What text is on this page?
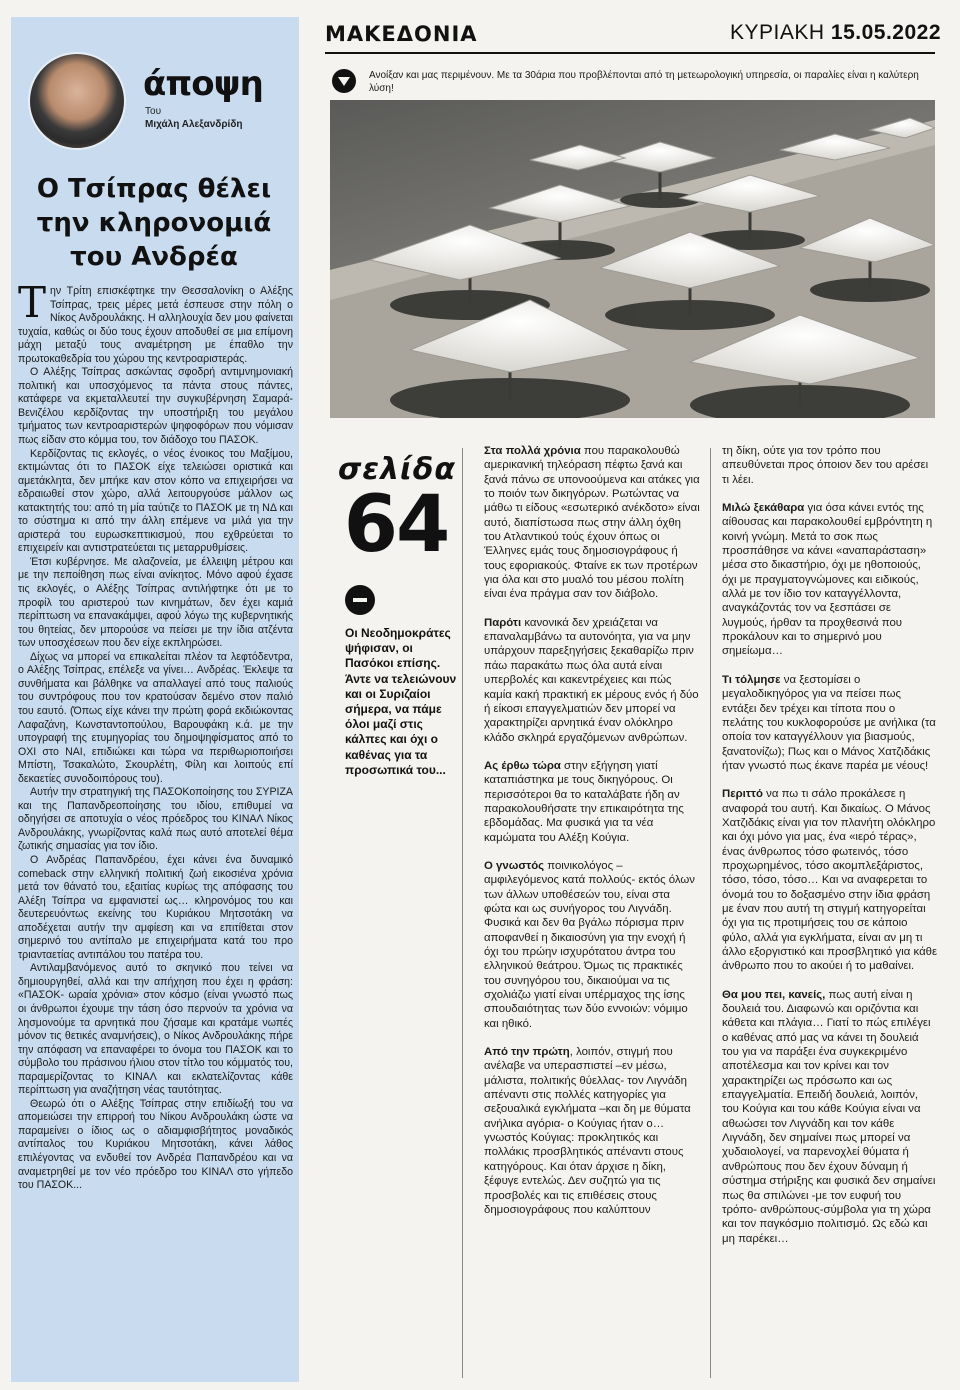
άποψη
Του
Μιχάλη Αλεξανδρίδη
Ο Τσίπρας θέλει την κληρονομιά του Ανδρέα

Την Τρίτη επισκέφτηκε την Θεσσαλονίκη ο Αλέξης Τσίπρας, τρεις μέρες μετά έσπευσε στην πόλη ο Νίκος Ανδρουλάκης. Η αλληλουχία δεν μου φαίνεται τυχαία, καθώς οι δύο τους έχουν αποδυθεί σε μια επίμονη μάχη μεταξύ τους αναμέτρηση με έπαθλο την πρωτοκαθεδρία του χώρου της κεντροαριστεράς.

Ο Αλέξης Τσίπρας ασκώντας σφοδρή αντιμνημονιακή πολιτική και υποσχόμενος τα πάντα στους πάντες, κατάφερε να εκμεταλλευτεί την συγκυβέρνηση Σαμαρά- Βενιζέλου κερδίζοντας την υποστήριξη του μεγάλου τμήματος των κεντροαριστερών ψηφοφόρων που νόμισαν πως είδαν στο κόμμα του, τον διάδοχο του ΠΑΣΟΚ.

Κερδίζοντας τις εκλογές, ο νέος ένοικος του Μαξίμου, εκτιμώντας ότι το ΠΑΣΟΚ είχε τελειώσει οριστικά και αμετάκλητα, δεν μπήκε καν στον κόπο να επιχειρήσει να εδραιωθεί στον χώρο, αλλά λειτουργούσε μάλλον ως κατακτητής του: από τη μία ταύτιζε το ΠΑΣΟΚ με τη ΝΔ και το σύστημα κι από την άλλη επέμενε να μιλά για την αριστερά του ευρωσκεπτικισμού, που εχθρεύεται το επιχειρείν και αντιστρατεύεται τις μεταρρυθμίσεις.

Έτσι κυβέρνησε. Με αλαζονεία, με έλλειψη μέτρου και με την πεποίθηση πως είναι ανίκητος. Μόνο αφού έχασε τις εκλογές, ο Αλέξης Τσίπρας αντιλήφτηκε ότι με το προφίλ του αριστερού των κινημάτων, δεν έχει καμιά περίπτωση να επανακάμψει, αφού λόγω της κυβερνητικής του θητείας, δεν μπορούσε να πείσει με την ίδια ατζέντα των υποσχέσεων που δεν είχε εκπληρώσει.

Δίχως να μπορεί να επικαλείται πλέον τα λεφτόδεντρα, ο Αλέξης Τσίπρας, επέλεξε να γίνει… Ανδρέας. Έκλεψε τα συνθήματα και βάλθηκε να απαλλαγεί από τους παλιούς του συντρόφους που τον κρατούσαν δεμένο στον παλιό του εαυτό. (Όπως είχε κάνει την πρώτη φορά εκδιώκοντας Λαφαζάνη, Κωνσταντοπούλου, Βαρουφάκη κ.ά. με την υπογραφή της ετυμηγορίας του δημοψηφίσματος από το ΟΧΙ στο ΝΑΙ, επιδιώκει και τώρα να περιθωριοποιήσει Μπίστη, Τσακαλώτο, Σκουρλέτη, Φίλη και λοιπούς επί δεκαετίες συνοδοιπόρους του).

Αυτήν την στρατηγική της ΠΑΣΟΚοποίησης του ΣΥΡΙΖΑ και της Παπανδρεοποίησης του ιδίου, επιθυμεί να οδηγήσει σε αποτυχία ο νέος πρόεδρος του ΚΙΝΑΛ Νίκος Ανδρουλάκης, γνωρίζοντας καλά πως αυτό αποτελεί θέμα ζωτικής σημασίας για τον ίδιο.

Ο Ανδρέας Παπανδρέου, έχει κάνει ένα δυναμικό comeback στην ελληνική πολιτική ζωή εικοσιένα χρόνια μετά τον θάνατό του, εξαιτίας κυρίως της απόφασης του Αλέξη Τσίπρα να εμφανιστεί ως… κληρονόμος του και δευτερευόντως εκείνης του Κυριάκου Μητσοτάκη να αποδέχεται αυτήν την αμφίεση και να επιτίθεται στον σημερινό του αντίπαλο με επιχειρήματα κατά του προ τριανταετίας αντιπάλου του πατέρα του.

Αντιλαμβανόμενος αυτό το σκηνικό που τείνει να δημιουργηθεί, αλλά και την απήχηση που έχει η φράση: «ΠΑΣΟΚ- ωραία χρόνια» στον κόσμο (είναι γνωστό πως οι άνθρωποι έχουμε την τάση όσο περνούν τα χρόνια να λησμονούμε τα αρνητικά που ζήσαμε και κρατάμε νωπές μόνον τις θετικές αναμνήσεις), ο Νίκος Ανδρουλάκης πήρε την απόφαση να επαναφέρει το όνομα του ΠΑΣΟΚ και το σύμβολο του πράσινου ήλιου στον τίτλο του κόμματός του, παραμερίζοντας το ΚΙΝΑΛ και εκλατελίζοντας κάθε περίπτωση για αναζήτηση νέας ταυτότητας.

Θεωρώ ότι ο Αλέξης Τσίπρας στην επιδίωξή του να απομειώσει την επιρροή του Νίκου Ανδρουλάκη ώστε να παραμείνει ο ίδιος ως ο αδιαμφισβήτητος μοναδικός αντίπαλος του Κυριάκου Μητσοτάκη, κάνει λάθος επιλέγοντας να ενδυθεί τον Ανδρέα Παπανδρέου και να αναμετρηθεί με τον νέο πρόεδρο του ΚΙΝΑΛ στο γήπεδο του ΠΑΣΟΚ...

ΜΑΚΕΔΟΝΙΑ	ΚΥΡΙΑΚΗ 15.05.2022
Ανοίξαν και μας περιμένουν. Με τα 30άρια που προβλέπονται από τη μετεωρολογική υπηρεσία, οι παραλίες είναι η καλύτερη λύση!
σελίδα
64
Οι Νεοδημοκράτες ψήφισαν, οι Πασόκοι επίσης. Άντε να τελειώνουν και οι Συριζαίοι σήμερα, να πάμε όλοι μαζί στις κάλπες και όχι ο καθένας για τα προσωπικά του...

Στα πολλά χρόνια που παρακολουθώ αμερικανική τηλεόραση πέφτω ξανά και ξανά πάνω σε υπονοούμενα και ατάκες για το ποιόν των δικηγόρων. Ρωτώντας να μάθω τι είδους «εσωτερικό ανέκδοτο» είναι αυτό, διαπίστωσα πως στην άλλη όχθη του Ατλαντικού τούς έχουν όπως οι Έλληνες εμάς τους δημοσιογράφους ή τους εφοριακούς. Φταίνε εκ των προτέρων για όλα και στο μυαλό του μέσου πολίτη είναι ένα πράγμα σαν τον διάβολο.

Παρότι κανονικά δεν χρειάζεται να επαναλαμβάνω τα αυτονόητα, για να μην υπάρχουν παρεξηγήσεις ξεκαθαρίζω πριν πάω παρακάτω πως όλα αυτά είναι υπερβολές και κακεντρέχειες και πώς καμία κακή πρακτική εκ μέρους ενός ή δύο ή είκοσι επαγγελματιών δεν μπορεί να χαρακτηρίζει αρνητικά έναν ολόκληρο κλάδο σκληρά εργαζόμενων ανθρώπων.

Ας έρθω τώρα στην εξήγηση γιατί καταπιάστηκα με τους δικηγόρους. Οι περισσότεροι θα το καταλάβατε ήδη αν παρακολουθήσατε την επικαιρότητα της εβδομάδας. Μα φυσικά για τα νέα καμώματα του Αλέξη Κούγια.

Ο γνωστός ποινικολόγος – αμφιλεγόμενος κατά πολλούς- εκτός όλων των άλλων υποθέσεών του, είναι στα φώτα και ως συνήγορος του Λιγνάδη. Φυσικά και δεν θα βγάλω πόρισμα πριν αποφανθεί η δικαιοσύνη για την ενοχή ή όχι του πρώην ισχυρότατου άντρα του ελληνικού θεάτρου. Όμως τις πρακτικές του συνηγόρου του, δικαιούμαι να τις σχολιάζω γιατί είναι υπέρμαχος της ίσης σπουδαιότητας των δύο εννοιών: νόμιμο και ηθικό.

Από την πρώτη, λοιπόν, στιγμή που ανέλαβε να υπερασπιστεί –εν μέσω, μάλιστα, πολιτικής θύελλας- τον Λιγνάδη απέναντι στις πολλές κατηγορίες για σεξουαλικά εγκλήματα –και δη με θύματα ανήλικα αγόρια- ο Κούγιας ήταν ο… γνωστός Κούγιας: προκλητικός και πολλάκις προσβλητικός απέναντι στους κατηγόρους. Και όταν άρχισε η δίκη, ξέφυγε εντελώς. Δεν συζητώ για τις προσβολές και τις επιθέσεις στους δημοσιογράφους που καλύπτουν

τη δίκη, ούτε για τον τρόπο που απευθύνεται προς όποιον δεν του αρέσει τι λέει.

Μιλώ ξεκάθαρα για όσα κάνει εντός της αίθουσας και παρακολουθεί εμβρόντητη η κοινή γνώμη. Μετά το σοκ πως προσπάθησε να κάνει «αναπαράσταση» μέσα στο δικαστήριο, όχι με ηθοποιούς, όχι με πραγματογνώμονες και ειδικούς, αλλά με τον ίδιο τον καταγγέλλοντα, αναγκάζοντάς τον να ξεσπάσει σε λυγμούς, ήρθαν τα προχθεσινά που προκάλουν και το σημερινό μου σημείωμα…

Τι τόλμησε να ξεστομίσει ο μεγαλοδικηγόρος για να πείσει πως εντάξει δεν τρέχει και τίποτα που ο πελάτης του κυκλοφορούσε με ανήλικα (τα οποία τον καταγγέλλουν για βιασμούς, ξανατονίζω); Πως και ο Μάνος Χατζιδάκις ήταν γνωστό πως έκανε παρέα με νέους!

Περιττό να πω τι σάλο προκάλεσε η αναφορά του αυτή. Και δικαίως. Ο Μάνος Χατζιδάκις είναι για τον πλανήτη ολόκληρο και όχι μόνο για μας, ένα «ιερό τέρας», ένας άνθρωπος τόσο φωτεινός, τόσο προχωρημένος, τόσο ακομπλεξάριστος, τόσο, τόσο, τόσο… Και να αναφερεται το όνομά του το δοξασμένο στην ίδια φράση με έναν που αυτή τη στιγμή κατηγορείται όχι για τις προτιμήσεις του σε κάποιο φύλο, αλλά για εγκλήματα, είναι αν μη τι άλλο εξοργιστικό και προσβλητικό για κάθε άνθρωπο που το ακούει ή το μαθαίνει.

Θα μου πει, κανείς, πως αυτή είναι η δουλειά του. Διαφωνώ και οριζόντια και κάθετα και πλάγια… Γιατί το πώς επιλέγει ο καθένας από μας να κάνει τη δουλειά του για να παράξει ένα συγκεκριμένο αποτέλεσμα και τον κρίνει και τον χαρακτηρίζει ως πρόσωπο και ως επαγγελματία. Επειδή δουλειά, λοιπόν, του Κούγια και του κάθε Κούγια είναι να αθωώσει τον Λιγνάδη και τον κάθε Λιγνάδη, δεν σημαίνει πως μπορεί να χυδαιολογεί, να παρενοχλεί θύματα ή ανθρώπους που δεν έχουν δύναμη ή σύστημα στήριξης και φυσικά δεν σημαίνει πως θα σπιλώνει -με τον ευφυή του τρόπο- ανθρώπους-σύμβολα για τη χώρα και τον παγκόσμιο πολιτισμό. Ως εδώ και μη παρέκει…
